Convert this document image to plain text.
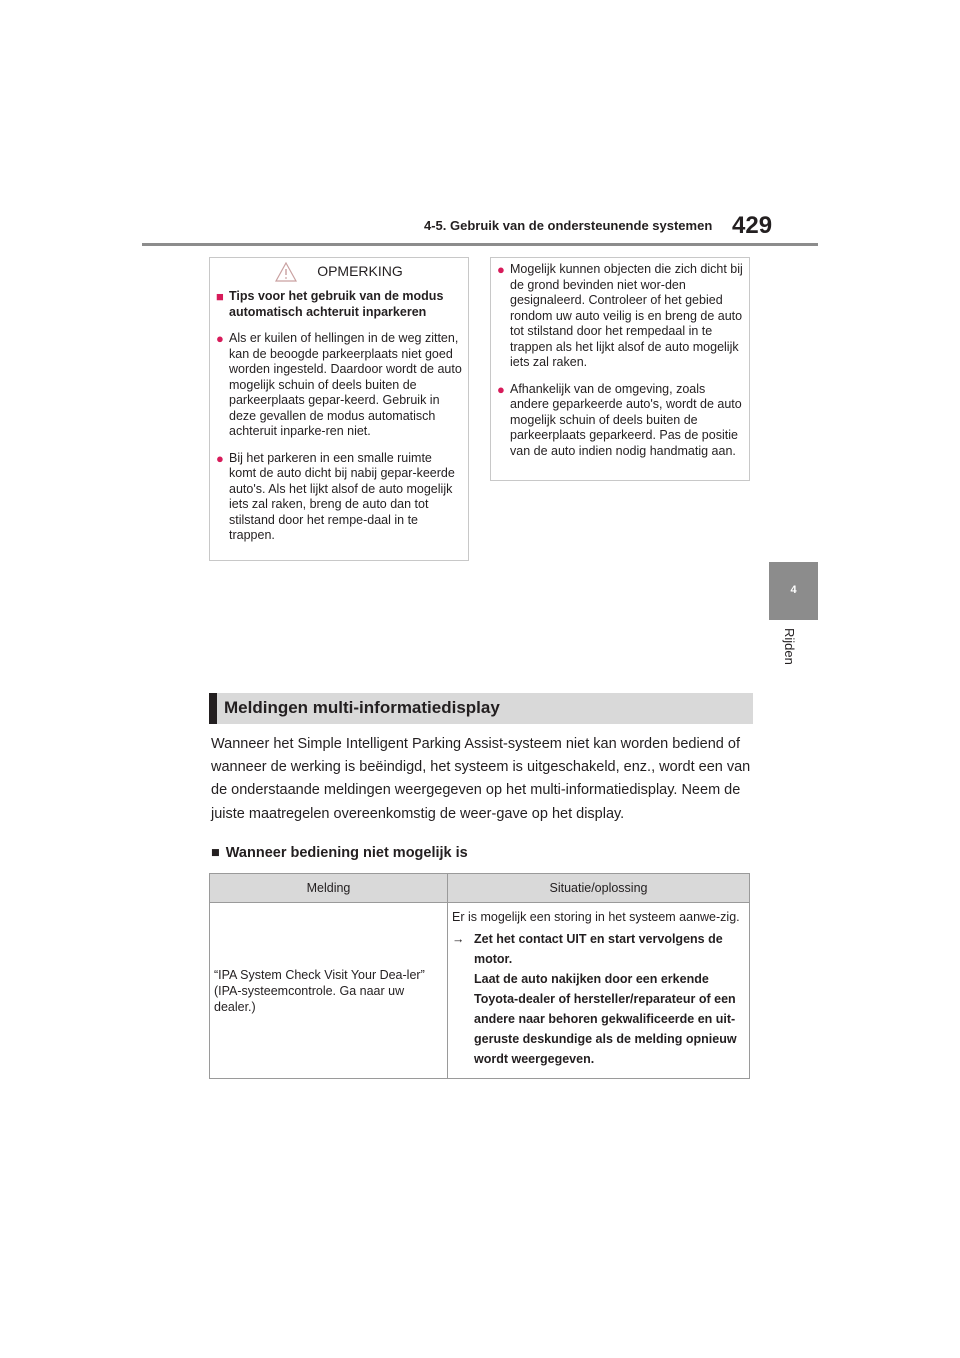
4-5. Gebruik van de ondersteunende systemen 429
4
Rijden
OPMERKING
■ Tips voor het gebruik van de modus automatisch achteruit inparkeren

● Als er kuilen of hellingen in de weg zitten, kan de beoogde parkeerplaats niet goed worden ingesteld. Daardoor wordt de auto mogelijk schuin of deels buiten de parkeerplaats gepar-keerd. Gebruik in deze gevallen de modus automatisch achteruit inparke-ren niet.

● Bij het parkeren in een smalle ruimte komt de auto dicht bij nabij gepar-keerde auto's. Als het lijkt alsof de auto mogelijk iets zal raken, breng de auto dan tot stilstand door het rempe-daal in te trappen.

● Mogelijk kunnen objecten die zich dicht bij de grond bevinden niet wor-den gesignaleerd. Controleer of het gebied rondom uw auto veilig is en breng de auto tot stilstand door het rempedaal in te trappen als het lijkt alsof de auto mogelijk iets zal raken.

● Afhankelijk van de omgeving, zoals andere geparkeerde auto's, wordt de auto mogelijk schuin of deels buiten de parkeerplaats geparkeerd. Pas de positie van de auto indien nodig handmatig aan.

Meldingen multi-informatiedisplay
Wanneer het Simple Intelligent Parking Assist-systeem niet kan worden bediend of wanneer de werking is beëindigd, het systeem is uitgeschakeld, enz., wordt een van de onderstaande meldingen weergegeven op het multi-informatiedisplay. Neem de juiste maatregelen overeenkomstig de weer-gave op het display.
■ Wanneer bediening niet mogelijk is
Melding	Situatie/oplossing
“IPA System Check Visit Your Dea-ler” (IPA-systeemcontrole. Ga naar uw dealer.)	Er is mogelijk een storing in het systeem aanwe-zig.
→ Zet het contact UIT en start vervolgens de motor.
Laat de auto nakijken door een erkende Toyota-dealer of hersteller/reparateur of een andere naar behoren gekwalificeerde en uit-geruste deskundige als de melding opnieuw wordt weergegeven.
